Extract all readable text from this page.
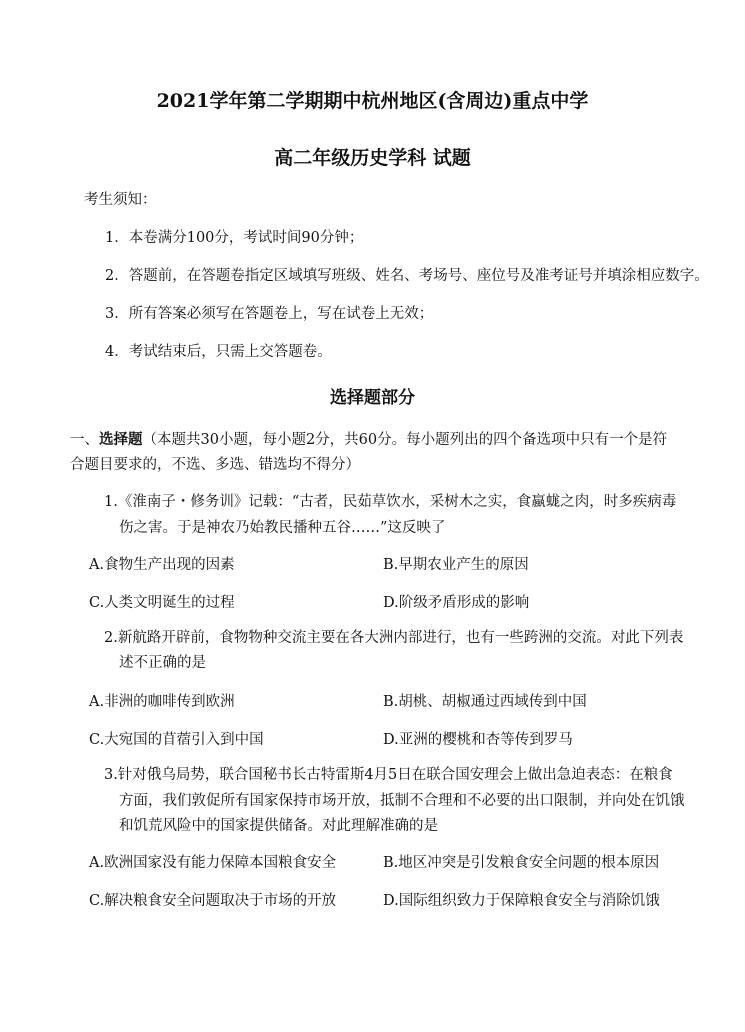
2021学年第二学期期中杭州地区(含周边)重点中学
高二年级历史学科 试题
考生须知：
1．本卷满分100分，考试时间90分钟；
2．答题前，在答题卷指定区域填写班级、姓名、考场号、座位号及准考证号并填涂相应数字。
3．所有答案必须写在答题卷上，写在试卷上无效；
4．考试结束后，只需上交答题卷。
选择题部分
一、选择题（本题共30小题，每小题2分，共60分。每小题列出的四个备选项中只有一个是符
合题目要求的，不选、多选、错选均不得分）
1.《淮南子・修务训》记载：“古者，民茹草饮水，采树木之实，食蠃蛖之肉，时多疾病毒
伤之害。于是神农乃始教民播种五谷……”这反映了
A.食物生产出现的因素	B.早期农业产生的原因
C.人类文明诞生的过程	D.阶级矛盾形成的影响
2.新航路开辟前，食物物种交流主要在各大洲内部进行，也有一些跨洲的交流。对此下列表
述不正确的是
A.非洲的咖啡传到欧洲	B.胡桃、胡椒通过西域传到中国
C.大宛国的苜蓿引入到中国	D.亚洲的樱桃和杏等传到罗马
3.针对俄乌局势，联合国秘书长古特雷斯4月5日在联合国安理会上做出急迫表态：在粮食
方面，我们敦促所有国家保持市场开放，抵制不合理和不必要的出口限制，并向处在饥饿
和饥荒风险中的国家提供储备。对此理解准确的是
A.欧洲国家没有能力保障本国粮食安全	B.地区冲突是引发粮食安全问题的根本原因
C.解决粮食安全问题取决于市场的开放	D.国际组织致力于保障粮食安全与消除饥饿
